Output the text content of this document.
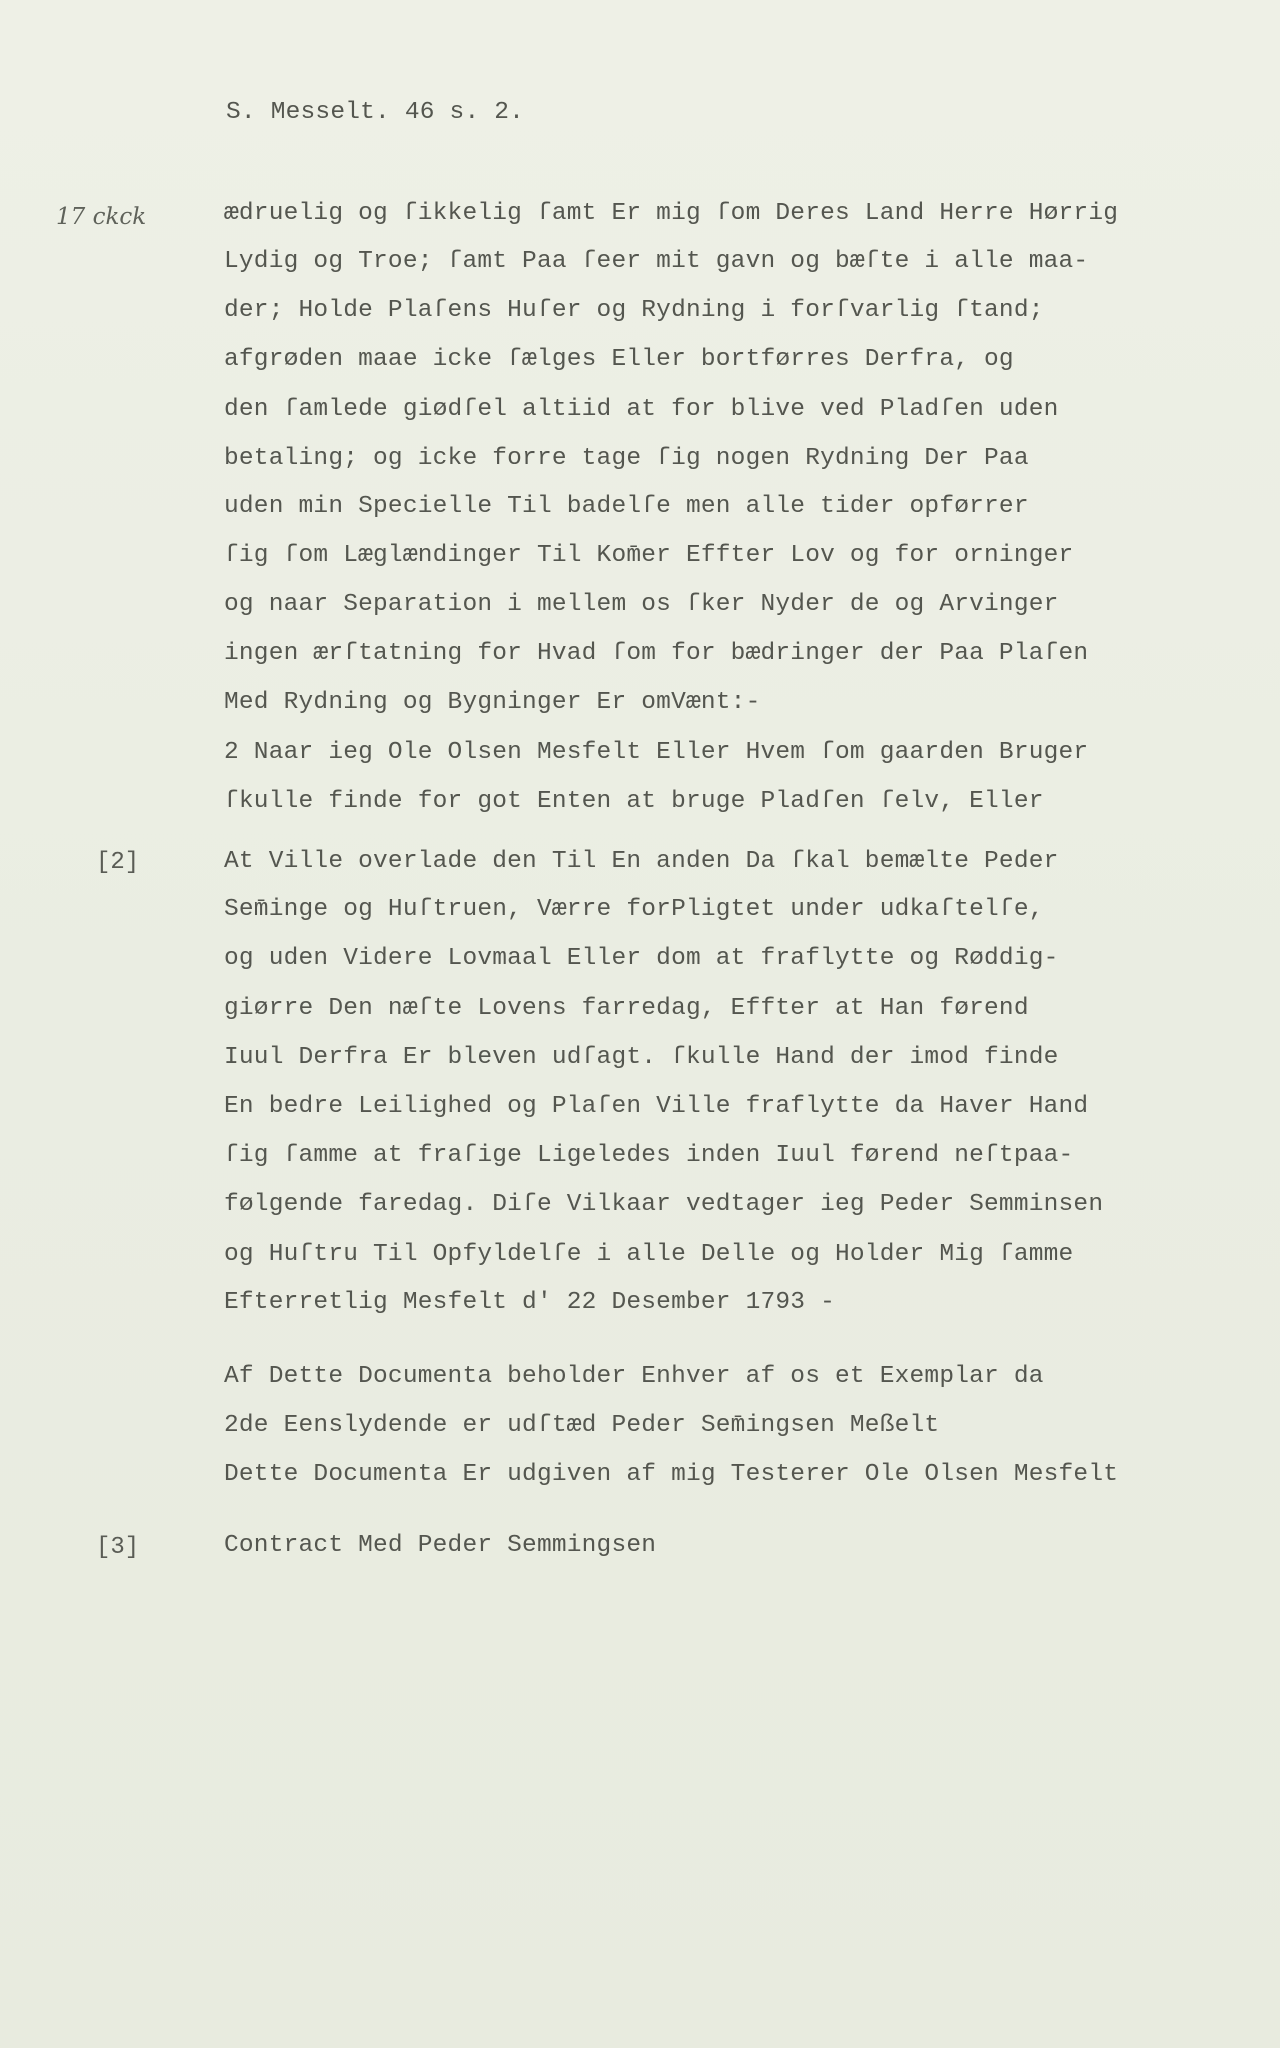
S. Messelt. 46 s. 2.
17 ckck
[2]
[3]
ædruelig og ſikkelig ſamt Er mig ſom Deres Land Herre Hørrig
Lydig og Troe; ſamt Paa ſeer mit gavn og bæſte i alle maa-
der; Holde Plaſens Huſer og Rydning i forſvarlig ſtand;
afgrøden maae icke ſælges Eller bortførres Derfra, og
den ſamlede giødſel altiid at for blive ved Pladſen uden
betaling; og icke forre tage ſig nogen Rydning Der Paa
uden min Specielle Til badelſe men alle tider opførrer
ſig ſom Læglændinger Til Kom̄er Effter Lov og for orninger
og naar Separation i mellem os ſker Nyder de og Arvinger
ingen ærſtatning for Hvad ſom for bædringer der Paa Plaſen
Med Rydning og Bygninger Er omVænt:-
2 Naar ieg Ole Olsen Mesfelt Eller Hvem ſom gaarden Bruger
ſkulle finde for got Enten at bruge Pladſen ſelv, Eller
At Ville overlade den Til En anden Da ſkal bemælte Peder
Sem̄inge og Huſtruen, Værre forPligtet under udkaſtelſe,
og uden Videre Lovmaal Eller dom at fraflytte og Røddig-
giørre Den næſte Lovens farredag, Effter at Han førend
Iuul Derfra Er bleven udſagt. ſkulle Hand der imod finde
En bedre Leilighed og Plaſen Ville fraflytte da Haver Hand
ſig ſamme at fraſige Ligeledes inden Iuul førend neſtpaa-
følgende faredag. Diſe Vilkaar vedtager ieg Peder Semminsen
og Huſtru Til Opfyldelſe i alle Delle og Holder Mig ſamme
Efterretlig Mesfelt d' 22 Desember 1793 -
Af Dette Documenta beholder Enhver af os et Exemplar da
2de Eenslydende er udſtæd Peder Sem̄ingsen Meßelt
Dette Documenta Er udgiven af mig Testerer Ole Olsen Mesfelt
Contract Med Peder Semmingsen
